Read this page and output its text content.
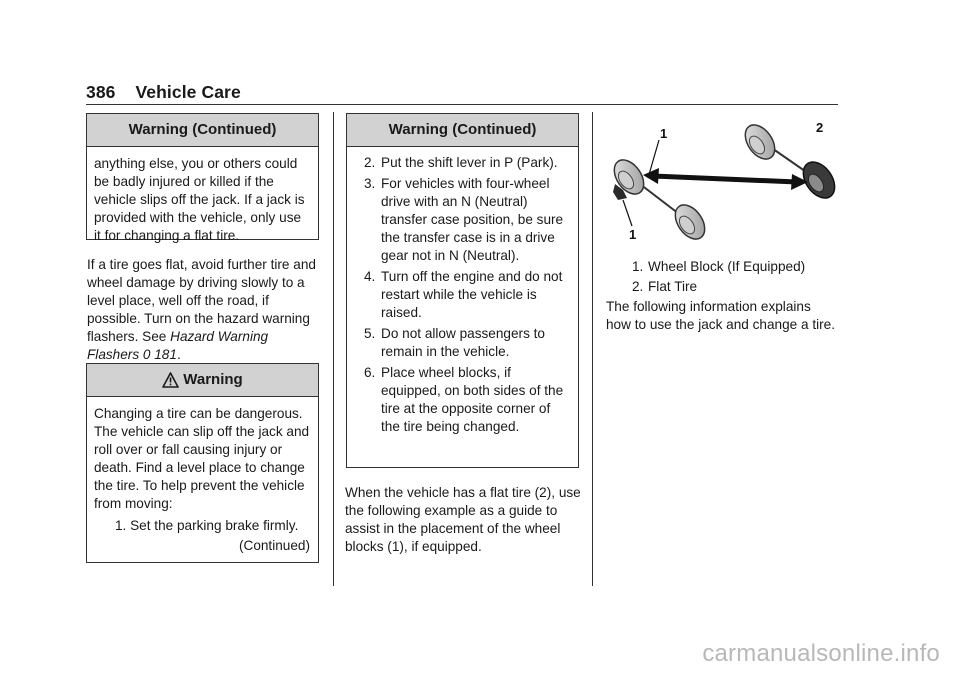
386 Vehicle Care
Warning (Continued)
anything else, you or others could be badly injured or killed if the vehicle slips off the jack. If a jack is provided with the vehicle, only use it for changing a flat tire.

If a tire goes flat, avoid further tire and wheel damage by driving slowly to a level place, well off the road, if possible. Turn on the hazard warning flashers. See Hazard Warning Flashers 0 181.

Warning
Changing a tire can be dangerous. The vehicle can slip off the jack and roll over or fall causing injury or death. Find a level place to change the tire. To help prevent the vehicle from moving:
1. Set the parking brake firmly.
(Continued)
Warning (Continued)
2. Put the shift lever in P (Park).
3. For vehicles with four-wheel drive with an N (Neutral) transfer case position, be sure the transfer case is in a drive gear not in N (Neutral).
4. Turn off the engine and do not restart while the vehicle is raised.
5. Do not allow passengers to remain in the vehicle.
6. Place wheel blocks, if equipped, on both sides of the tire at the opposite corner of the tire being changed.

When the vehicle has a flat tire (2), use the following example as a guide to assist in the placement of the wheel blocks (1), if equipped.

1
1
2
1. Wheel Block (If Equipped)
2. Flat Tire

The following information explains how to use the jack and change a tire.

carmanualsonline.info
